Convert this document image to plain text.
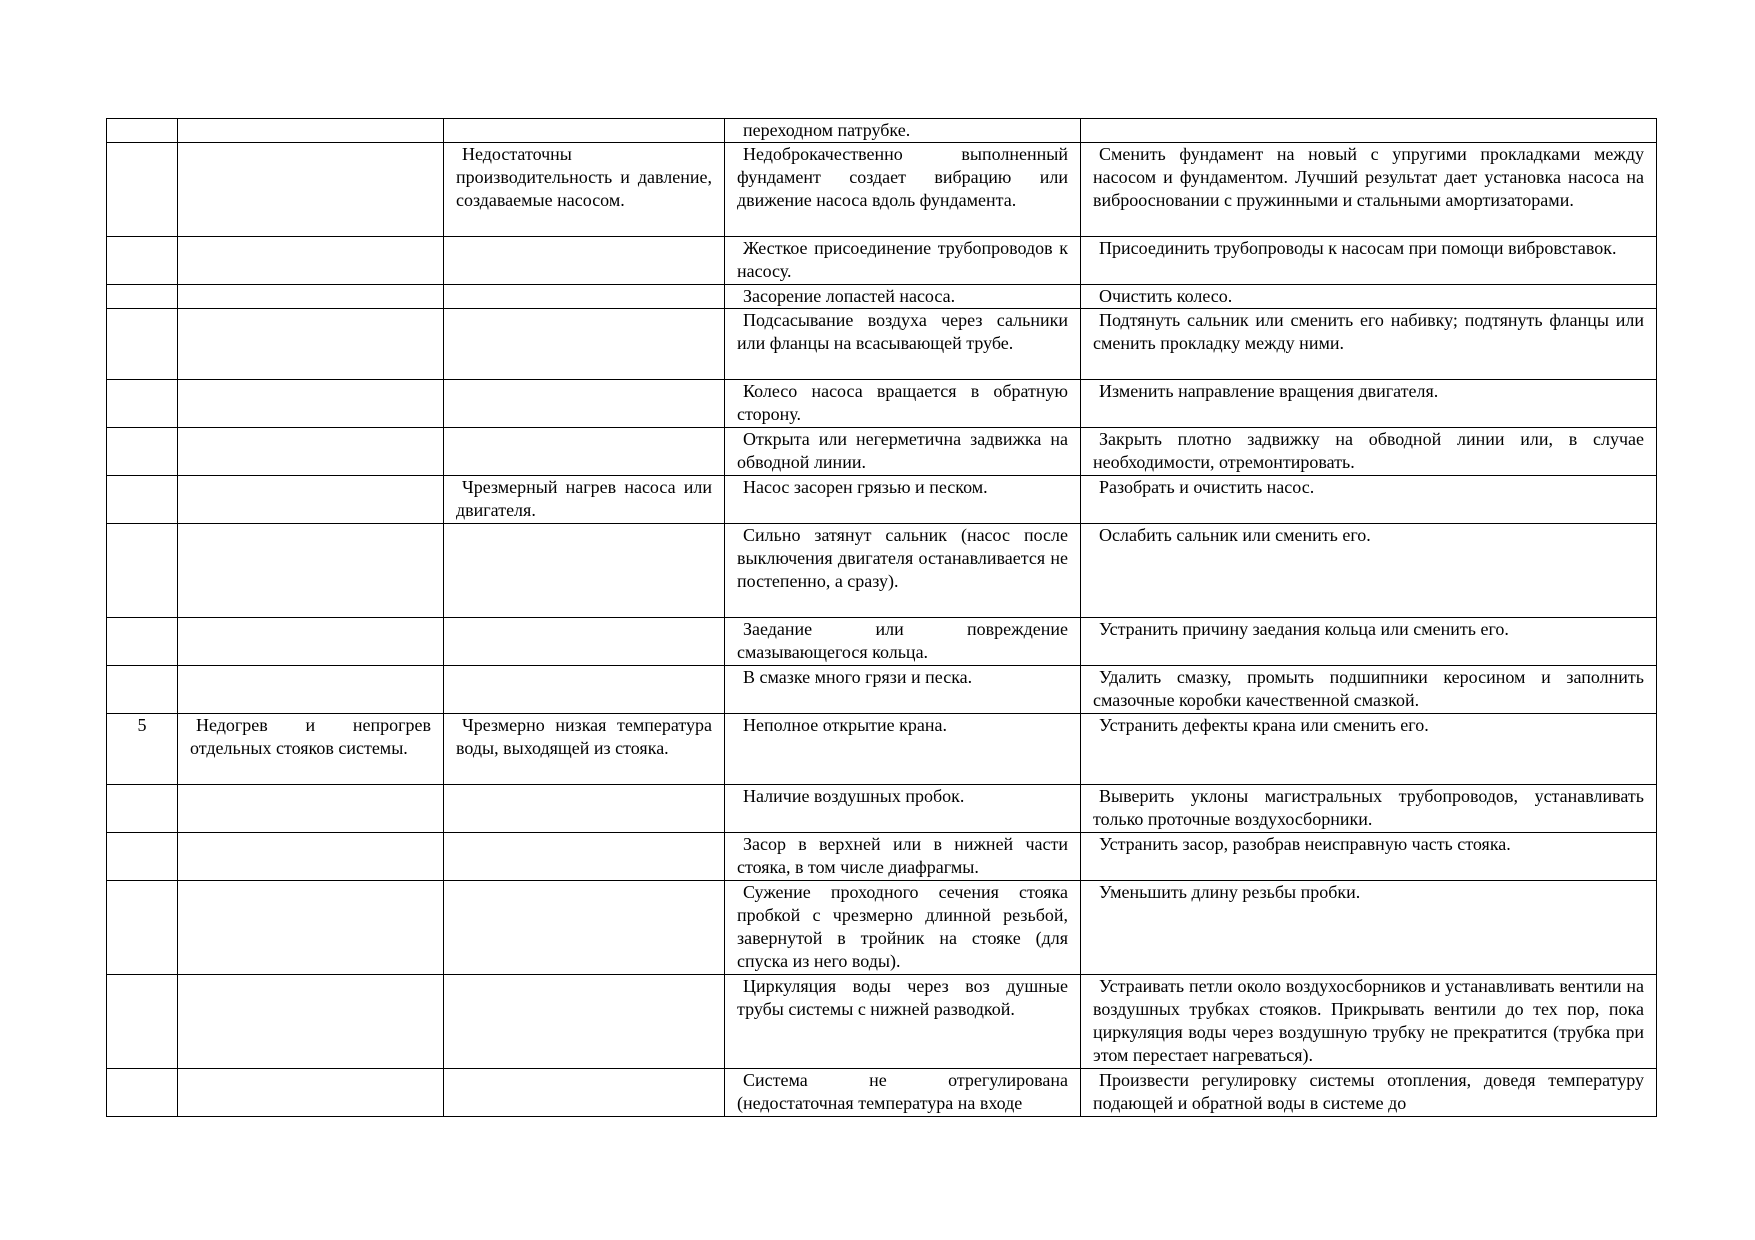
			переходном патрубке.	
		Недостаточны производительность и давление, создаваемые насосом.	Недоброкачественно выполненный фундамент создает вибрацию или движение насоса вдоль фундамента.	Сменить фундамент на новый с упругими прокладками между насосом и фундаментом. Лучший результат дает установка насоса на виброосновании с пружинными и стальными амортизаторами.
			Жесткое присоединение трубопроводов к насосу.	Присоединить трубопроводы к насосам при помощи вибровставок.
			Засорение лопастей насоса.	Очистить колесо.
			Подсасывание воздуха через сальники или фланцы на всасывающей трубе.	Подтянуть сальник или сменить его набивку; подтянуть фланцы или сменить прокладку между ними.
			Колесо насоса вращается в обратную сторону.	Изменить направление вращения двигателя.
			Открыта или негерметична задвижка на обводной линии.	Закрыть плотно задвижку на обводной линии или, в случае необходимости, отремонтировать.
		Чрезмерный нагрев насоса или двигателя.	Насос засорен грязью и песком.	Разобрать и очистить насос.
			Сильно затянут сальник (насос после выключения двигателя останавливается не постепенно, а сразу).	Ослабить сальник или сменить его.
			Заедание или повреждение смазывающегося кольца.	Устранить причину заедания кольца или сменить его.
			В смазке много грязи и песка.	Удалить смазку, промыть подшипники керосином и заполнить смазочные коробки качественной смазкой.
5	Недогрев и непрогрев отдельных стояков системы.	Чрезмерно низкая температура воды, выходящей из стояка.	Неполное открытие крана.	Устранить дефекты крана или сменить его.
			Наличие воздушных пробок.	Выверить уклоны магистральных трубопроводов, устанавливать только проточные воздухосборники.
			Засор в верхней или в нижней части стояка, в том числе диафрагмы.	Устранить засор, разобрав неисправную часть стояка.
			Сужение проходного сечения стояка пробкой с чрезмерно длинной резьбой, завернутой в тройник на стояке (для спуска из него воды).	Уменьшить длину резьбы пробки.
			Циркуляция воды через воз душные трубы системы с нижней разводкой.	Устраивать петли около воздухосборников и устанавливать вентили на воздушных трубках стояков. Прикрывать вентили до тех пор, пока циркуляция воды через воздушную трубку не прекратится (трубка при этом перестает нагреваться).
			Система не отрегулирована (недостаточная температура на входе	Произвести регулировку системы отопления, доведя температуру подающей и обратной воды в системе до
